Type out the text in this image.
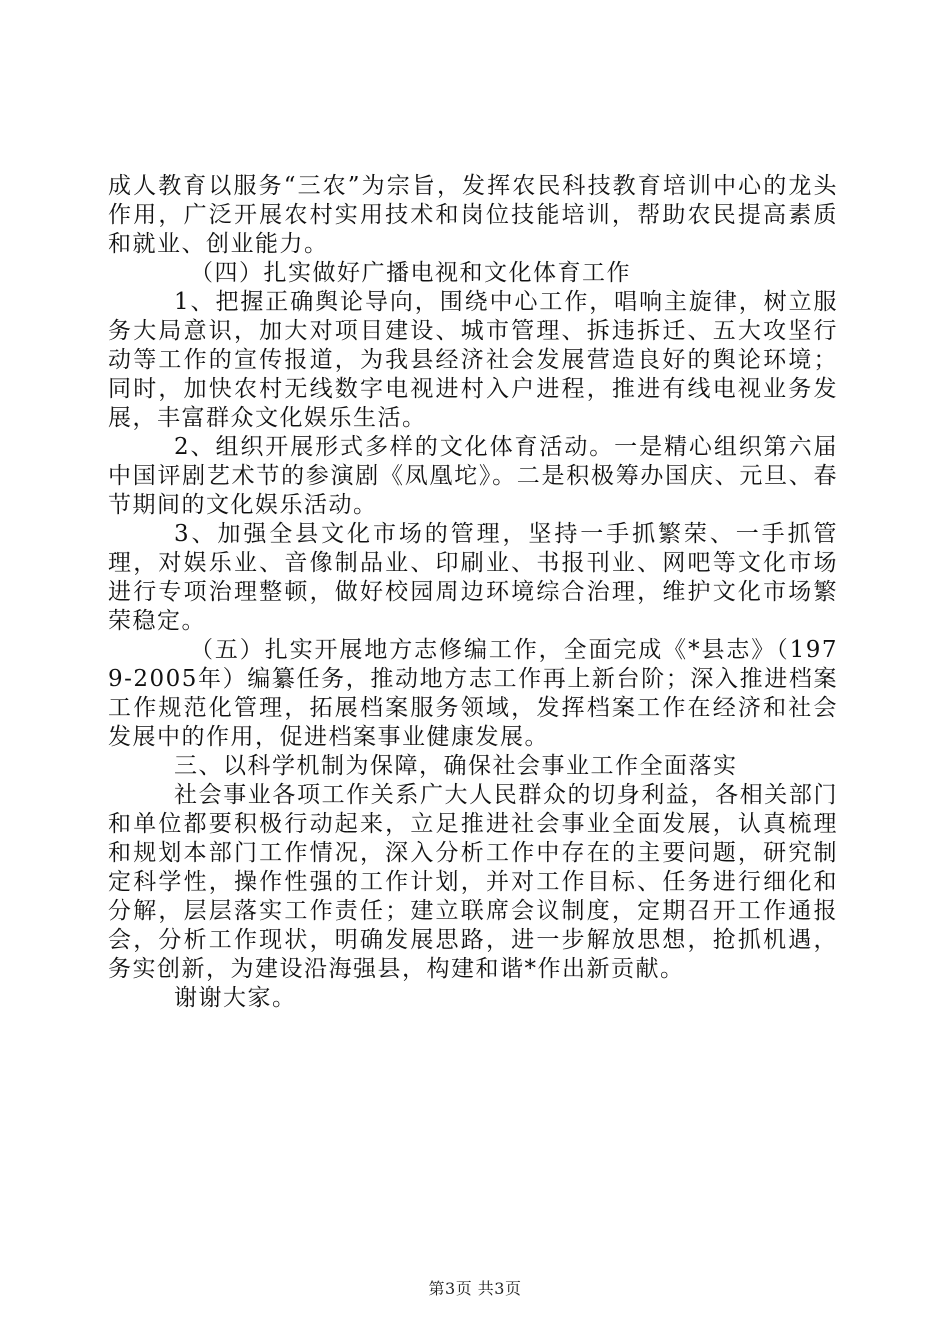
成人教育以服务“三农”为宗旨，发挥农民科技教育培训中心的龙头作用，广泛开展农村实用技术和岗位技能培训，帮助农民提高素质和就业、创业能力。

（四）扎实做好广播电视和文化体育工作

1、把握正确舆论导向，围绕中心工作，唱响主旋律，树立服务大局意识，加大对项目建设、城市管理、拆违拆迁、五大攻坚行动等工作的宣传报道，为我县经济社会发展营造良好的舆论环境；同时，加快农村无线数字电视进村入户进程，推进有线电视业务发展，丰富群众文化娱乐生活。

2、组织开展形式多样的文化体育活动。一是精心组织第六届中国评剧艺术节的参演剧《凤凰坨》。二是积极筹办国庆、元旦、春节期间的文化娱乐活动。

3、加强全县文化市场的管理，坚持一手抓繁荣、一手抓管理，对娱乐业、音像制品业、印刷业、书报刊业、网吧等文化市场进行专项治理整顿，做好校园周边环境综合治理，维护文化市场繁荣稳定。

（五）扎实开展地方志修编工作，全面完成《*县志》（1979-2005年）编纂任务，推动地方志工作再上新台阶；深入推进档案工作规范化管理，拓展档案服务领域，发挥档案工作在经济和社会发展中的作用，促进档案事业健康发展。

三、以科学机制为保障，确保社会事业工作全面落实

社会事业各项工作关系广大人民群众的切身利益，各相关部门和单位都要积极行动起来，立足推进社会事业全面发展，认真梳理和规划本部门工作情况，深入分析工作中存在的主要问题，研究制定科学性，操作性强的工作计划，并对工作目标、任务进行细化和分解，层层落实工作责任；建立联席会议制度，定期召开工作通报会，分析工作现状，明确发展思路，进一步解放思想，抢抓机遇，务实创新，为建设沿海强县，构建和谐*作出新贡献。

谢谢大家。

第3页 共3页
